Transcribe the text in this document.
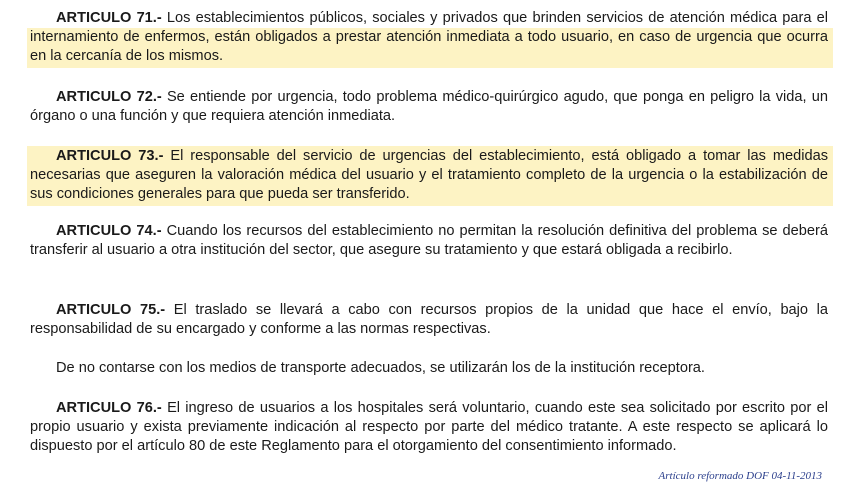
ARTICULO 71.- Los establecimientos públicos, sociales y privados que brinden servicios de atención médica para el internamiento de enfermos, están obligados a prestar atención inmediata a todo usuario, en caso de urgencia que ocurra en la cercanía de los mismos.

ARTICULO 72.- Se entiende por urgencia, todo problema médico-quirúrgico agudo, que ponga en peligro la vida, un órgano o una función y que requiera atención inmediata.

ARTICULO 73.- El responsable del servicio de urgencias del establecimiento, está obligado a tomar las medidas necesarias que aseguren la valoración médica del usuario y el tratamiento completo de la urgencia o la estabilización de sus condiciones generales para que pueda ser transferido.

ARTICULO 74.- Cuando los recursos del establecimiento no permitan la resolución definitiva del problema se deberá transferir al usuario a otra institución del sector, que asegure su tratamiento y que estará obligada a recibirlo.

ARTICULO 75.- El traslado se llevará a cabo con recursos propios de la unidad que hace el envío, bajo la responsabilidad de su encargado y conforme a las normas respectivas.

De no contarse con los medios de transporte adecuados, se utilizarán los de la institución receptora.

ARTICULO 76.- El ingreso de usuarios a los hospitales será voluntario, cuando este sea solicitado por escrito por el propio usuario y exista previamente indicación al respecto por parte del médico tratante. A este respecto se aplicará lo dispuesto por el artículo 80 de este Reglamento para el otorgamiento del consentimiento informado.

Artículo reformado DOF 04-11-2013
